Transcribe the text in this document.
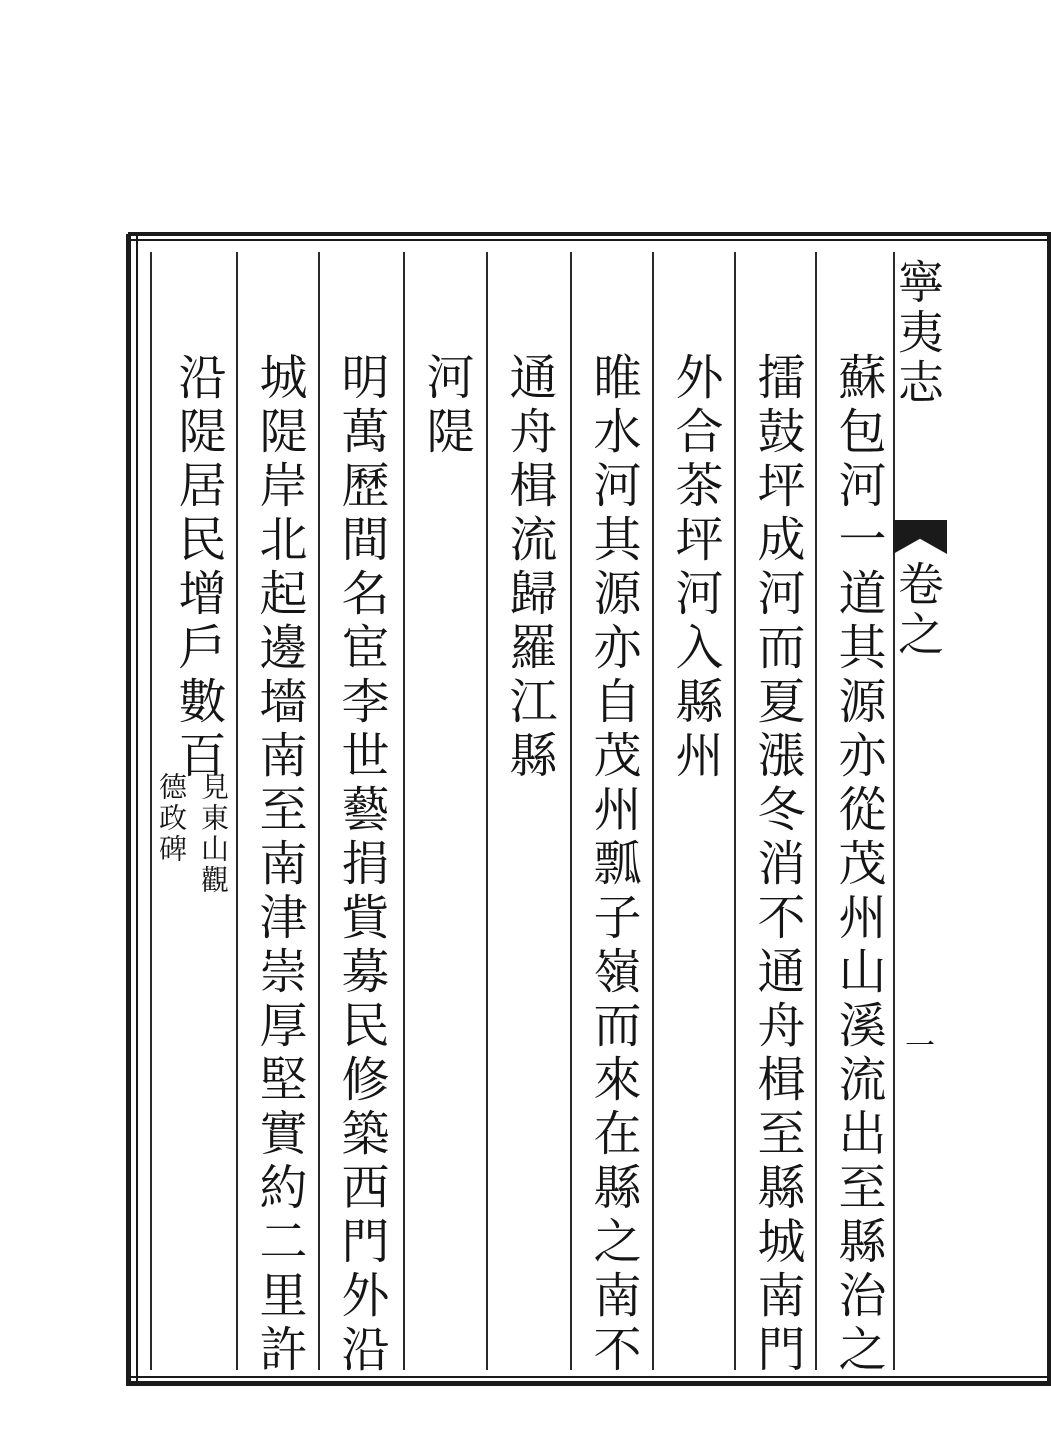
寧夷志
卷之
一
蘇包河一道其源亦從茂州山溪流出至縣治之
擂鼓坪成河而夏漲冬消不通舟楫至縣城南門
外合茶坪河入縣州
睢水河其源亦自茂州瓢子嶺而來在縣之南不
通舟楫流歸羅江縣
河隄
明萬歷間名宦李世藝捐貲募民修築西門外沿
城隄岸北起邊墻南至南津崇厚堅實約二里許
沿隄居民增戶數百
見東山觀
德政碑
